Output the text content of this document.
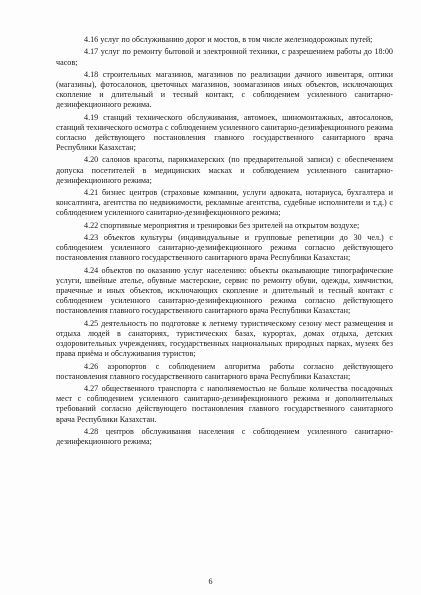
4.16 услуг по обслуживанию дорог и мостов, в том числе железнодорожных путей;

4.17 услуг по ремонту бытовой и электронной техники, с разрешением работы до 18:00 часов;

4.18 строительных магазинов, магазинов по реализации дачного инвентаря, оптики (магазины), фотосалонов, цветочных магазинов, зоомагазинов иных объектов, исключающих скопление и длительный и тесный контакт, с соблюдением усиленного санитарно-дезинфекционного режима.

4.19 станций технического обслуживания, автомоек, шиномонтажных, автосалонов, станций технического осмотра с соблюдением усиленного санитарно-дезинфекционного режима согласно действующего постановления главного государственного санитарного врача Республики Казахстан;

4.20 салонов красоты, парикмахерских (по предварительной записи) с обеспечением допуска посетителей в медицинских масках и соблюдением усиленного санитарно-дезинфекционного режима;

4.21 бизнес центров (страховые компании, услуги адвоката, нотариуса, бухгалтера и консалтинга, агентства по недвижимости, рекламные агентства, судебные исполнители и т.д.) с соблюдением усиленного санитарно-дезинфекционного режима;

4.22 спортивные мероприятия и тренировки без зрителей на открытом воздухе;

4.23 объектов культуры (индивидуальные и групповые репетиции до 30 чел.) с соблюдением усиленного санитарно-дезинфекционного режима согласно действующего постановления главного государственного санитарного врача Республики Казахстан;

4.24 объектов по оказанию услуг населению: объекты оказывающие типографические услуги, швейные ателье, обувные мастерские, сервис по ремонту обуви, одежды, химчистки, прачечные и иных объектов, исключающих скопление и длительный и тесный контакт с соблюдением усиленного санитарно-дезинфекционного режима согласно действующего постановления главного государственного санитарного врача Республики Казахстан;

4.25 деятельность по подготовке к летнему туристическому сезону мест размещения и отдыха людей в санаториях, туристических базах, курортах, домах отдыха, детских оздоровительных учреждениях, государственных национальных природных парках, музеях без права приёма и обслуживания туристов;

4.26 аэропортов с соблюдением алгоритма работы согласно действующего постановления главного государственного санитарного врача Республики Казахстан;

4.27 общественного транспорта с наполняемостью не больше количества посадочных мест с соблюдением усиленного санитарно-дезинфекционного режима и дополнительных требований согласно действующего постановления главного государственного санитарного врача Республики Казахстан.

4.28 центров обслуживания населения с соблюдением усиленного санитарно-дезинфекционного режима;

6
